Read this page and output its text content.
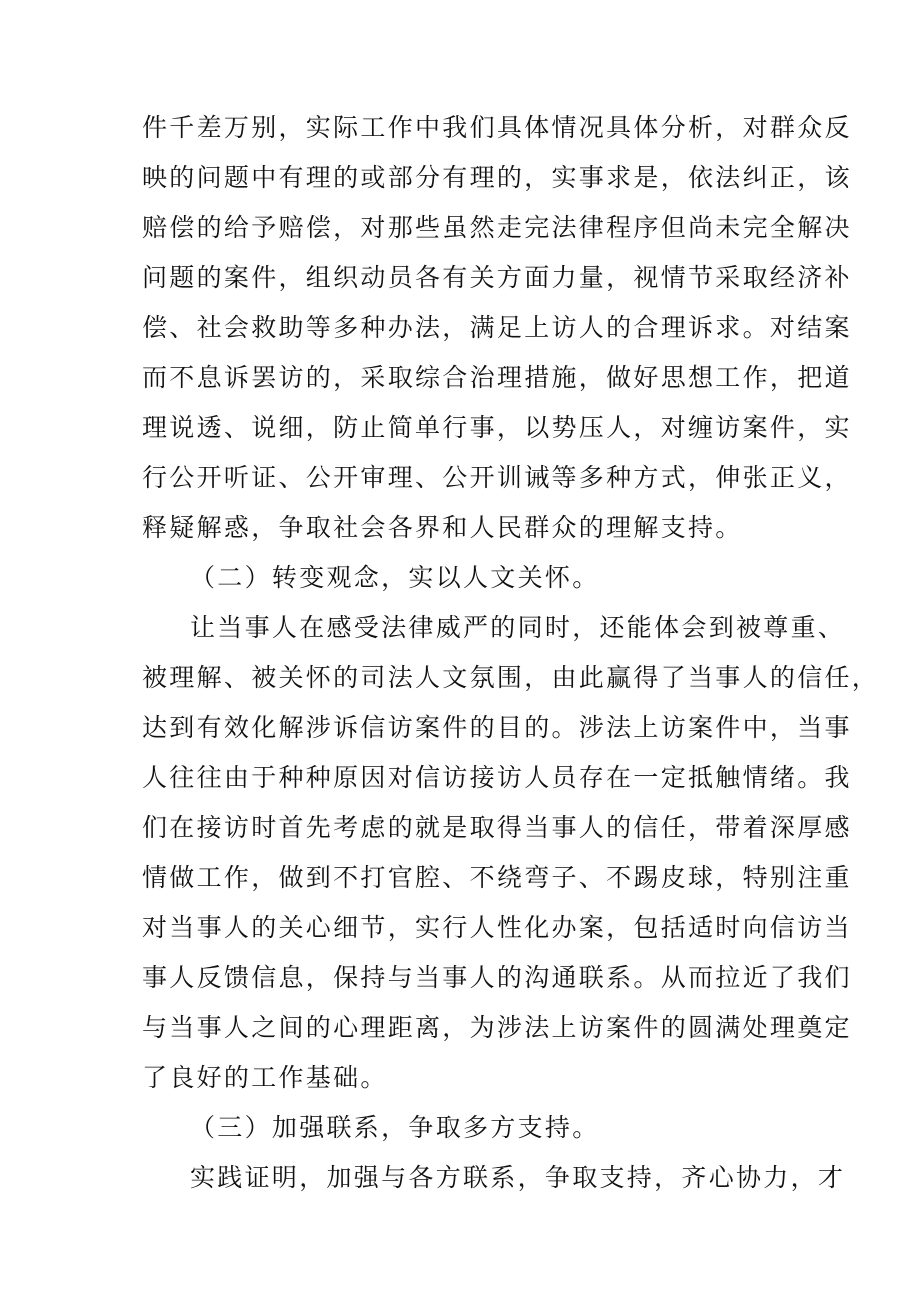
件千差万别，实际工作中我们具体情况具体分析，对群众反
映的问题中有理的或部分有理的，实事求是，依法纠正，该
赔偿的给予赔偿，对那些虽然走完法律程序但尚未完全解决
问题的案件，组织动员各有关方面力量，视情节采取经济补
偿、社会救助等多种办法，满足上访人的合理诉求。对结案
而不息诉罢访的，采取综合治理措施，做好思想工作，把道
理说透、说细，防止简单行事，以势压人，对缠访案件，实
行公开听证、公开审理、公开训诫等多种方式，伸张正义，
释疑解惑，争取社会各界和人民群众的理解支持。
（二）转变观念，实以人文关怀。
让当事人在感受法律威严的同时，还能体会到被尊重、
被理解、被关怀的司法人文氛围，由此赢得了当事人的信任，
达到有效化解涉诉信访案件的目的。涉法上访案件中，当事
人往往由于种种原因对信访接访人员存在一定抵触情绪。我
们在接访时首先考虑的就是取得当事人的信任，带着深厚感
情做工作，做到不打官腔、不绕弯子、不踢皮球，特别注重
对当事人的关心细节，实行人性化办案，包括适时向信访当
事人反馈信息，保持与当事人的沟通联系。从而拉近了我们
与当事人之间的心理距离，为涉法上访案件的圆满处理奠定
了良好的工作基础。
（三）加强联系，争取多方支持。
实践证明，加强与各方联系，争取支持，齐心协力，才
